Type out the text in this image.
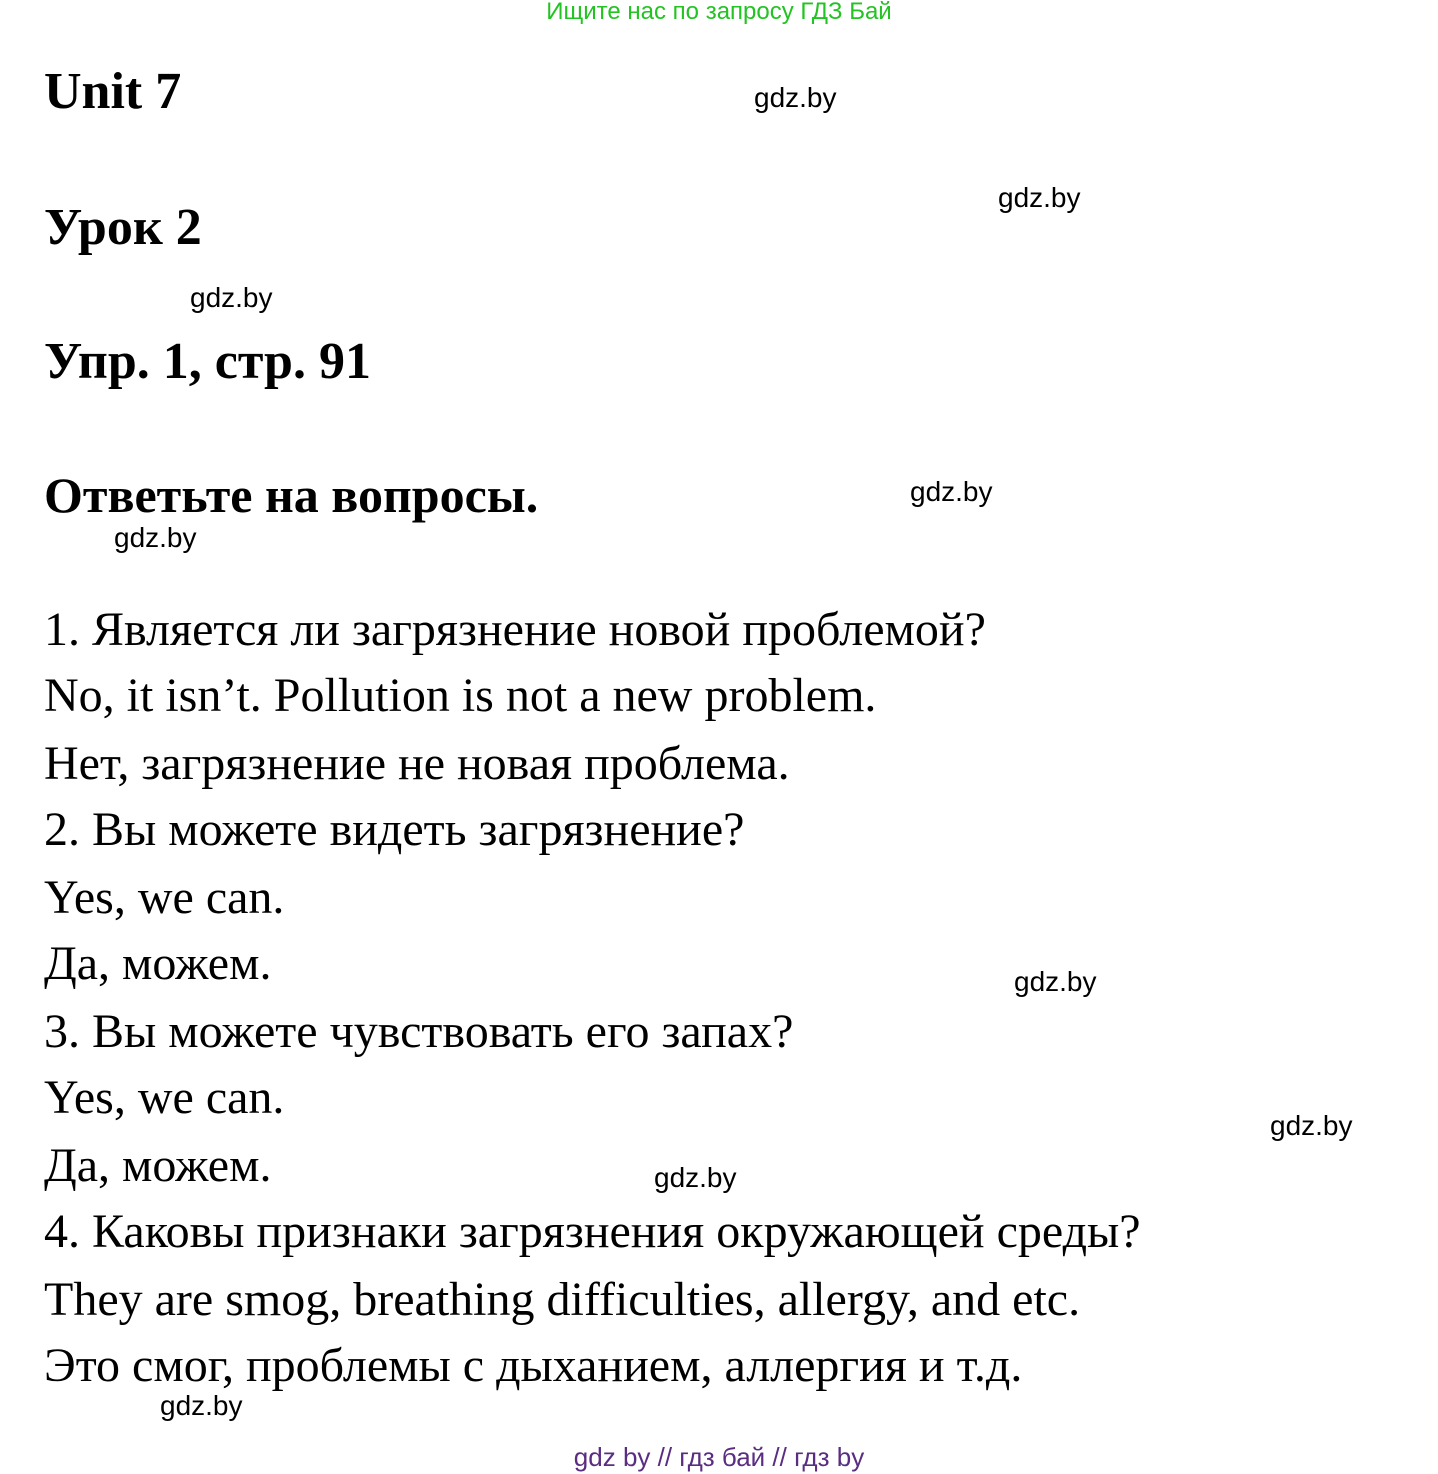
Ищите нас по запросу ГДЗ Бай
Unit 7
Урок 2
Упр. 1, стр. 91
Ответьте на вопросы.
1. Является ли загрязнение новой проблемой?
No, it isn’t. Pollution is not a new problem.
Нет, загрязнение не новая проблема.
2. Вы можете видеть загрязнение?
Yes, we can.
Да, можем.
3. Вы можете чувствовать его запах?
Yes, we can.
Да, можем.
4. Каковы признаки загрязнения окружающей среды?
They are smog, breathing difficulties, allergy, and etc.
Это смог, проблемы с дыханием, аллергия и т.д.
gdz.by
gdz.by
gdz.by
gdz.by
gdz.by
gdz.by
gdz.by
gdz.by
gdz.by
gdz by // гдз бай // гдз by
